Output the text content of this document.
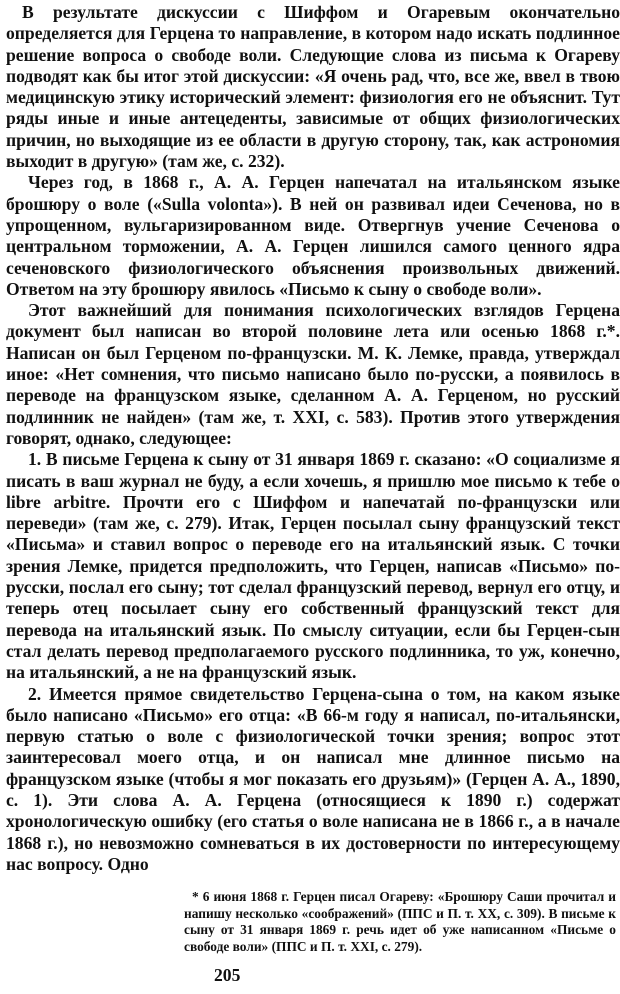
В результате дискуссии с Шиффом и Огаревым окончательно определяется для Герцена то направление, в котором надо искать подлинное решение вопроса о свободе воли. Следующие слова из письма к Огареву подводят как бы итог этой дискуссии: «Я очень рад, что, все же, ввел в твою медицинскую этику исторический элемент: физиология его не объяснит. Тут ряды иные и иные антецеденты, зависимые от общих физиологических причин, но выходящие из ее области в другую сторону, так, как астрономия выходит в другую» (там же, с. 232).

Через год, в 1868 г., А. А. Герцен напечатал на итальянском языке брошюру о воле («Sulla volonta»). В ней он развивал идеи Сеченова, но в упрощенном, вульгаризированном виде. Отвергнув учение Сеченова о центральном торможении, А. А. Герцен лишился самого ценного ядра сеченовского физиологического объяснения произвольных движений. Ответом на эту брошюру явилось «Письмо к сыну о свободе воли».

Этот важнейший для понимания психологических взглядов Герцена документ был написан во второй половине лета или осенью 1868 г.*. Написан он был Герценом по-французски. М. К. Лемке, правда, утверждал иное: «Нет сомнения, что письмо написано было по-русски, а появилось в переводе на французском языке, сделанном А. А. Герценом, но русский подлинник не найден» (там же, т. XXI, с. 583). Против этого утверждения говорят, однако, следующее:

1. В письме Герцена к сыну от 31 января 1869 г. сказано: «О социализме я писать в ваш журнал не буду, а если хочешь, я пришлю мое письмо к тебе о libre arbitre. Прочти его с Шиффом и напечатай по-французски или переведи» (там же, с. 279). Итак, Герцен посылал сыну французский текст «Письма» и ставил вопрос о переводе его на итальянский язык. С точки зрения Лемке, придется предположить, что Герцен, написав «Письмо» по-русски, послал его сыну; тот сделал французский перевод, вернул его отцу, и теперь отец посылает сыну его собственный французский текст для перевода на итальянский язык. По смыслу ситуации, если бы Герцен-сын стал делать перевод предполагаемого русского подлинника, то уж, конечно, на итальянский, а не на французский язык.

2. Имеется прямое свидетельство Герцена-сына о том, на каком языке было написано «Письмо» его отца: «В 66-м году я написал, по-итальянски, первую статью о воле с физиологической точки зрения; вопрос этот заинтересовал моего отца, и он написал мне длинное письмо на французском языке (чтобы я мог показать его друзьям)» (Герцен А. А., 1890, с. 1). Эти слова А. А. Герцена (относящиеся к 1890 г.) содержат хронологическую ошибку (его статья о воле написана не в 1866 г., а в начале 1868 г.), но невозможно сомневаться в их достоверности по интересующему нас вопросу. Одно

* 6 июня 1868 г. Герцен писал Огареву: «Брошюру Саши прочитал и напишу несколько «соображений» (ППС и П. т. XX, с. 309). В письме к сыну от 31 января 1869 г. речь идет об уже написанном «Письме о свободе воли» (ППС и П. т. XXI, с. 279).

205
